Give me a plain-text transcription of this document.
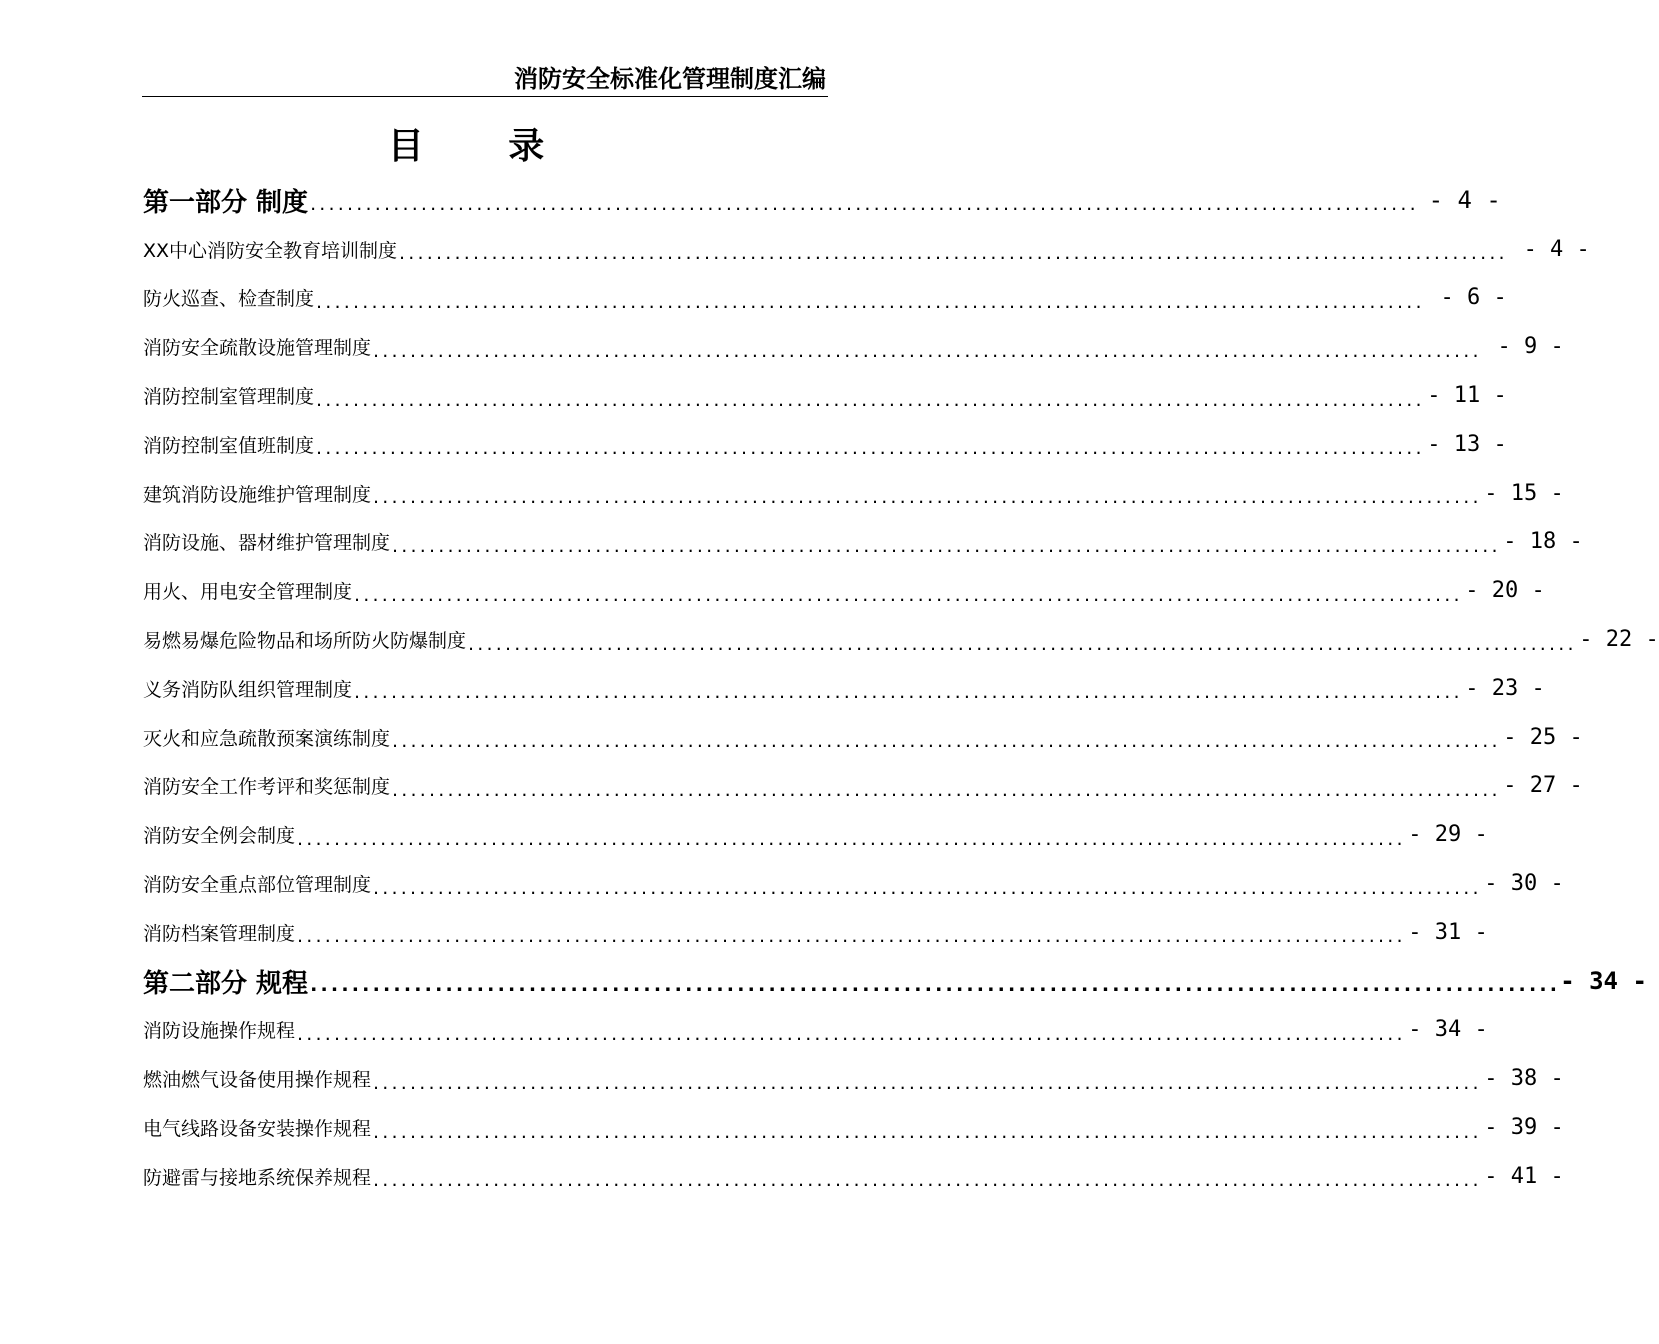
消防安全标准化管理制度汇编
目 录
第一部分 制度 ........................................................................................................................ - 4 -
XX中心消防安全教育培训制度 ........................................................................................................................ - 4 -
防火巡查、检查制度 ........................................................................................................................ - 6 -
消防安全疏散设施管理制度 ........................................................................................................................ - 9 -
消防控制室管理制度 ........................................................................................................................ - 11 -
消防控制室值班制度 ........................................................................................................................ - 13 -
建筑消防设施维护管理制度 ........................................................................................................................ - 15 -
消防设施、器材维护管理制度 ........................................................................................................................ - 18 -
用火、用电安全管理制度 ........................................................................................................................ - 20 -
易燃易爆危险物品和场所防火防爆制度 ........................................................................................................................ - 22 -
义务消防队组织管理制度 ........................................................................................................................ - 23 -
灭火和应急疏散预案演练制度 ........................................................................................................................ - 25 -
消防安全工作考评和奖惩制度 ........................................................................................................................ - 27 -
消防安全例会制度 ........................................................................................................................ - 29 -
消防安全重点部位管理制度 ........................................................................................................................ - 30 -
消防档案管理制度 ........................................................................................................................ - 31 -
第二部分 规程 ........................................................................................................................ - 34 -
消防设施操作规程 ........................................................................................................................ - 34 -
燃油燃气设备使用操作规程 ........................................................................................................................ - 38 -
电气线路设备安装操作规程 ........................................................................................................................ - 39 -
防避雷与接地系统保养规程 ........................................................................................................................ - 41 -
